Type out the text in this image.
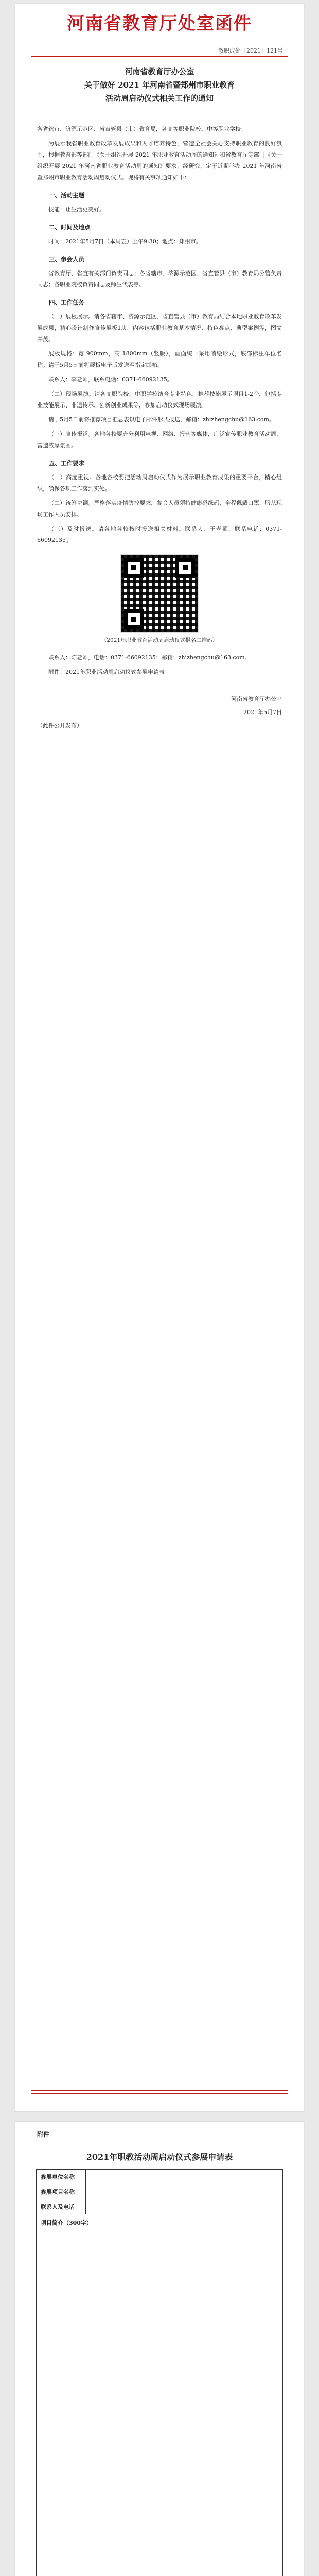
河南省教育厅处室函件
教职成处〔2021〕121号
河南省教育厅办公室
关于做好 2021 年河南省暨郑州市职业教育
活动周启动仪式相关工作的通知

各省辖市、济源示范区、省直管县（市）教育局，各高等职业院校、中等职业学校：

为展示我省职业教育改革发展成果和人才培养特色，营造全社会关心支持职业教育的良好氛围，根据教育部等部门《关于组织开展 2021 年职业教育活动周的通知》和省教育厅等部门《关于组织开展 2021 年河南省职业教育活动周的通知》要求，经研究，定于近期举办 2021 年河南省暨郑州市职业教育活动周启动仪式。现将有关事项通知如下：

一、活动主题

技能：让生活更美好。

二、时间及地点

时间：2021年5月7日（本周五）上午9:30；地点：郑州市。

三、参会人员

省教育厅、省直有关部门负责同志；各省辖市、济源示范区、省直管县（市）教育局分管负责同志；各职业院校负责同志及师生代表等。

四、工作任务

（一）展板展示。请各省辖市、济源示范区、省直管县（市）教育局结合本地职业教育改革发展成果，精心设计制作宣传展板1块，内容包括职业教育基本情况、特色亮点、典型案例等，图文并茂。

展板规格：宽 900mm，高 1800mm（竖版），画面统一采用喷绘形式，底部标注单位名称。请于5月5日前将展板电子版发送至指定邮箱。

联系人：李老师，联系电话：0371-66092135。

（二）现场展演。请各高职院校、中职学校结合专业特色，推荐技能展示项目1-2个，包括专业技能展示、非遗传承、创新创业成果等，参加启动仪式现场展演。

请于5月5日前将推荐项目汇总表以电子邮件形式报送，邮箱：zhizhengchu@163.com。

（三）宣传报道。各地各校要充分利用电视、网络、报刊等媒体，广泛宣传职业教育活动周，营造浓厚氛围。

五、工作要求

（一）高度重视。各地各校要把活动周启动仪式作为展示职业教育成果的重要平台，精心组织，确保各项工作落到实处。

（二）统筹协调。严格落实疫情防控要求，参会人员须持健康码绿码，全程佩戴口罩，服从现场工作人员安排。

（三）及时报送。请各地各校按时报送相关材料。联系人：王老师，联系电话：0371-66092135。

（2021年职业教育活动周启动仪式报名二维码）

联系人：陈老师，电话：0371-66092135；邮箱：zhizhengchu@163.com。

附件：2021年职业活动周启动仪式参展申请表

河南省教育厅办公室
2021年5月7日

（此件公开发布）

附件
2021年职教活动周启动仪式参展申请表
参展单位名称
参展项目名称
联系人及电话
项目简介（300字）
